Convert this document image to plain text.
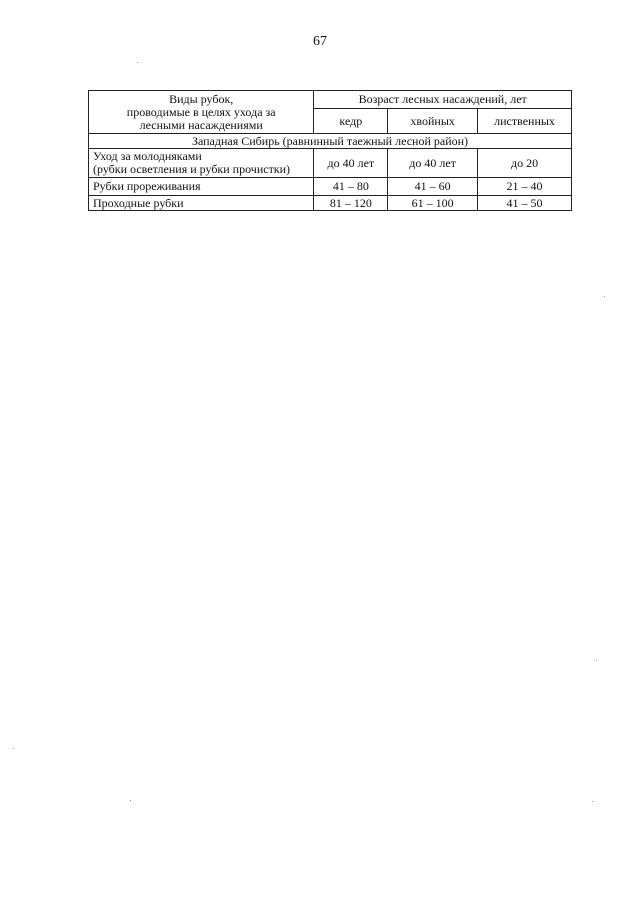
67
Виды рубок,
проводимые в целях ухода за
лесными насаждениями	Возраст лесных насаждений, лет		
	кедр	хвойных	лиственных
Западная Сибирь (равнинный таежный лесной район)			

Уход за молодняками
(рубки осветления и рубки прочистки)	до 40 лет	до 40 лет	до 20
Рубки прореживания	41 – 80	41 – 60	21 – 40
Проходные рубки	81 – 120	61 – 100	41 – 50
